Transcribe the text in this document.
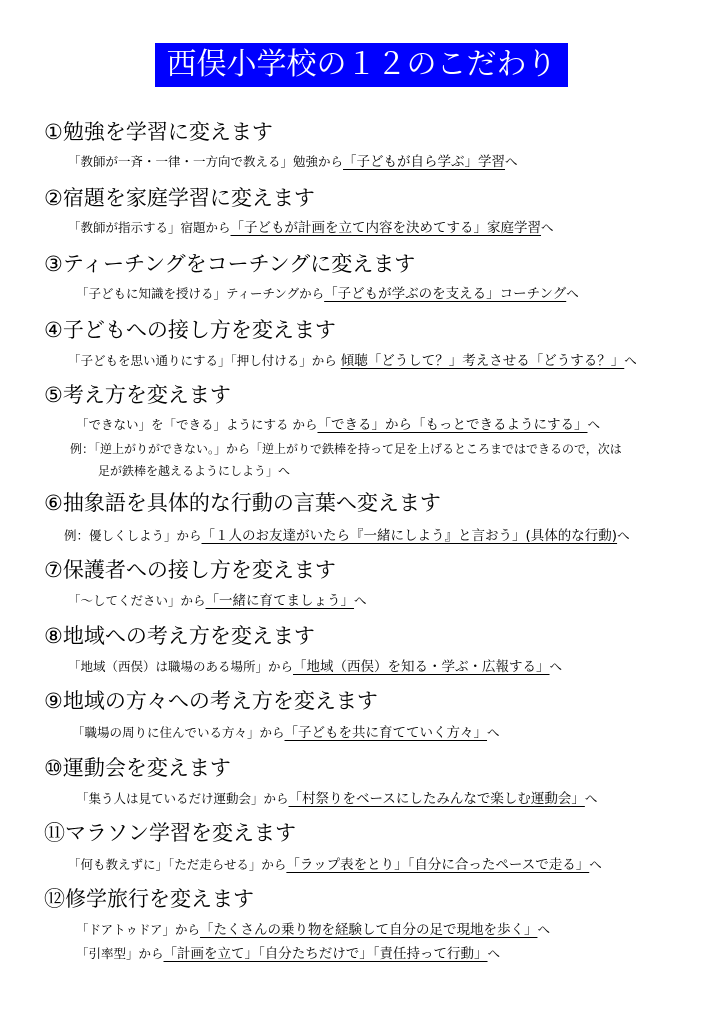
西俣小学校の１２のこだわり
①勉強を学習に変えます
「教師が一斉・一律・一方向で教える」勉強から「子どもが自ら学ぶ」学習へ
②宿題を家庭学習に変えます
「教師が指示する」宿題から「子どもが計画を立て内容を決めてする」家庭学習へ
③ティーチングをコーチングに変えます
「子どもに知識を授ける」ティーチングから「子どもが学ぶのを支える」コーチングへ
④子どもへの接し方を変えます
「子どもを思い通りにする」「押し付ける」から 傾聴「どうして？」考えさせる「どうする？」へ
⑤考え方を変えます
「できない」を「できる」ようにする から「できる」から「もっとできるようにする」へ
例：「逆上がりができない。」から「逆上がりで鉄棒を持って足を上げるところまではできるので，次は
足が鉄棒を越えるようにしよう」へ
⑥抽象語を具体的な行動の言葉へ変えます
例：優しくしよう」から「１人のお友達がいたら『一緒にしよう』と言おう」(具体的な行動)へ
⑦保護者への接し方を変えます
「～してください」から「一緒に育てましょう」へ
⑧地域への考え方を変えます
「地域（西俣）は職場のある場所」から「地域（西俣）を知る・学ぶ・広報する」へ
⑨地域の方々への考え方を変えます
「職場の周りに住んでいる方々」から「子どもを共に育てていく方々」へ
⑩運動会を変えます
「集う人は見ているだけ運動会」から「村祭りをベースにしたみんなで楽しむ運動会」へ
⑪マラソン学習を変えます
「何も教えずに」「ただ走らせる」から「ラップ表をとり」「自分に合ったペースで走る」へ
⑫修学旅行を変えます
「ドアトゥドア」から「たくさんの乗り物を経験して自分の足で現地を歩く」へ
「引率型」から「計画を立て」「自分たちだけで」「責任持って行動」へ
